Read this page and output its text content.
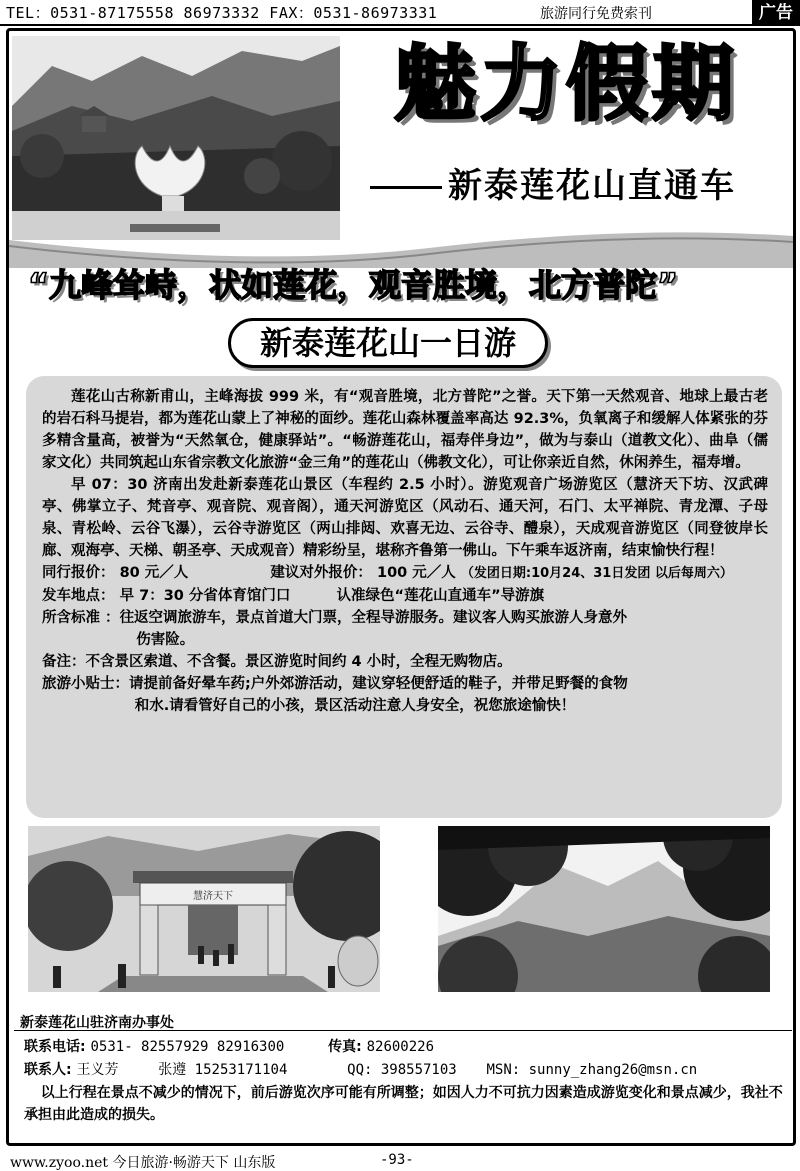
TEL：0531-87175558 86973332 FAX：0531-86973331	旅游同行免费索刊	广告
魅力假期
新泰莲花山直通车
“九峰耸峙，状如莲花，观音胜境，北方普陀”
新泰莲花山一日游

莲花山古称新甫山，主峰海拔 999 米，有“观音胜境，北方普陀”之誉。天下第一天然观音、地球上最古老的岩石科马提岩，都为莲花山蒙上了神秘的面纱。莲花山森林覆盖率高达 92.3%，负氧离子和缓解人体紧张的芬多精含量高，被誉为“天然氧仓，健康驿站”。“畅游莲花山，福寿伴身边”，做为与泰山（道教文化）、曲阜（儒家文化）共同筑起山东省宗教文化旅游“金三角”的莲花山（佛教文化），可让你亲近自然，休闲养生，福寿增。

早 07：30 济南出发赴新泰莲花山景区（车程约 2.5 小时）。游览观音广场游览区（慧济天下坊、汉武碑亭、佛掌立子、梵音亭、观音院、观音阁），通天河游览区（风动石、通天河，石门、太平禅院、青龙潭、子母泉、青松岭、云谷飞瀑），云谷寺游览区（两山排闼、欢喜无边、云谷寺、醴泉），天成观音游览区（同登彼岸长廊、观海亭、天梯、朝圣亭、天成观音）精彩纷呈，堪称齐鲁第一佛山。下午乘车返济南，结束愉快行程！

同行报价： 80 元／人	建议对外报价： 100 元／人 （发团日期:10月24、31日发团 以后每周六）

发车地点： 早 7：30 分省体育馆门口	认准绿色“莲花山直通车”导游旗

所含标准 ：往返空调旅游车，景点首道大门票，全程导游服务。建议客人购买旅游人身意外

伤害险。

备注：不含景区索道、不含餐。景区游览时间约 4 小时，全程无购物店。

旅游小贴士：请提前备好晕车药;户外郊游活动，建议穿轻便舒适的鞋子，并带足野餐的食物

和水.请看管好自己的小孩，景区活动注意人身安全，祝您旅途愉快！

慧济天下
新泰莲花山驻济南办事处
联系电话: 0531- 82557929 82916300	传真: 82600226
联系人: 王义芳	张遵 15253171104	QQ: 398557103 MSN: sunny_zhang26@msn.cn
以上行程在景点不减少的情况下，前后游览次序可能有所调整；如因人力不可抗力因素造成游览变化和景点减少，我社不承担由此造成的损失。
www.zyoo.net 今日旅游·畅游天下 山东版	-93-
